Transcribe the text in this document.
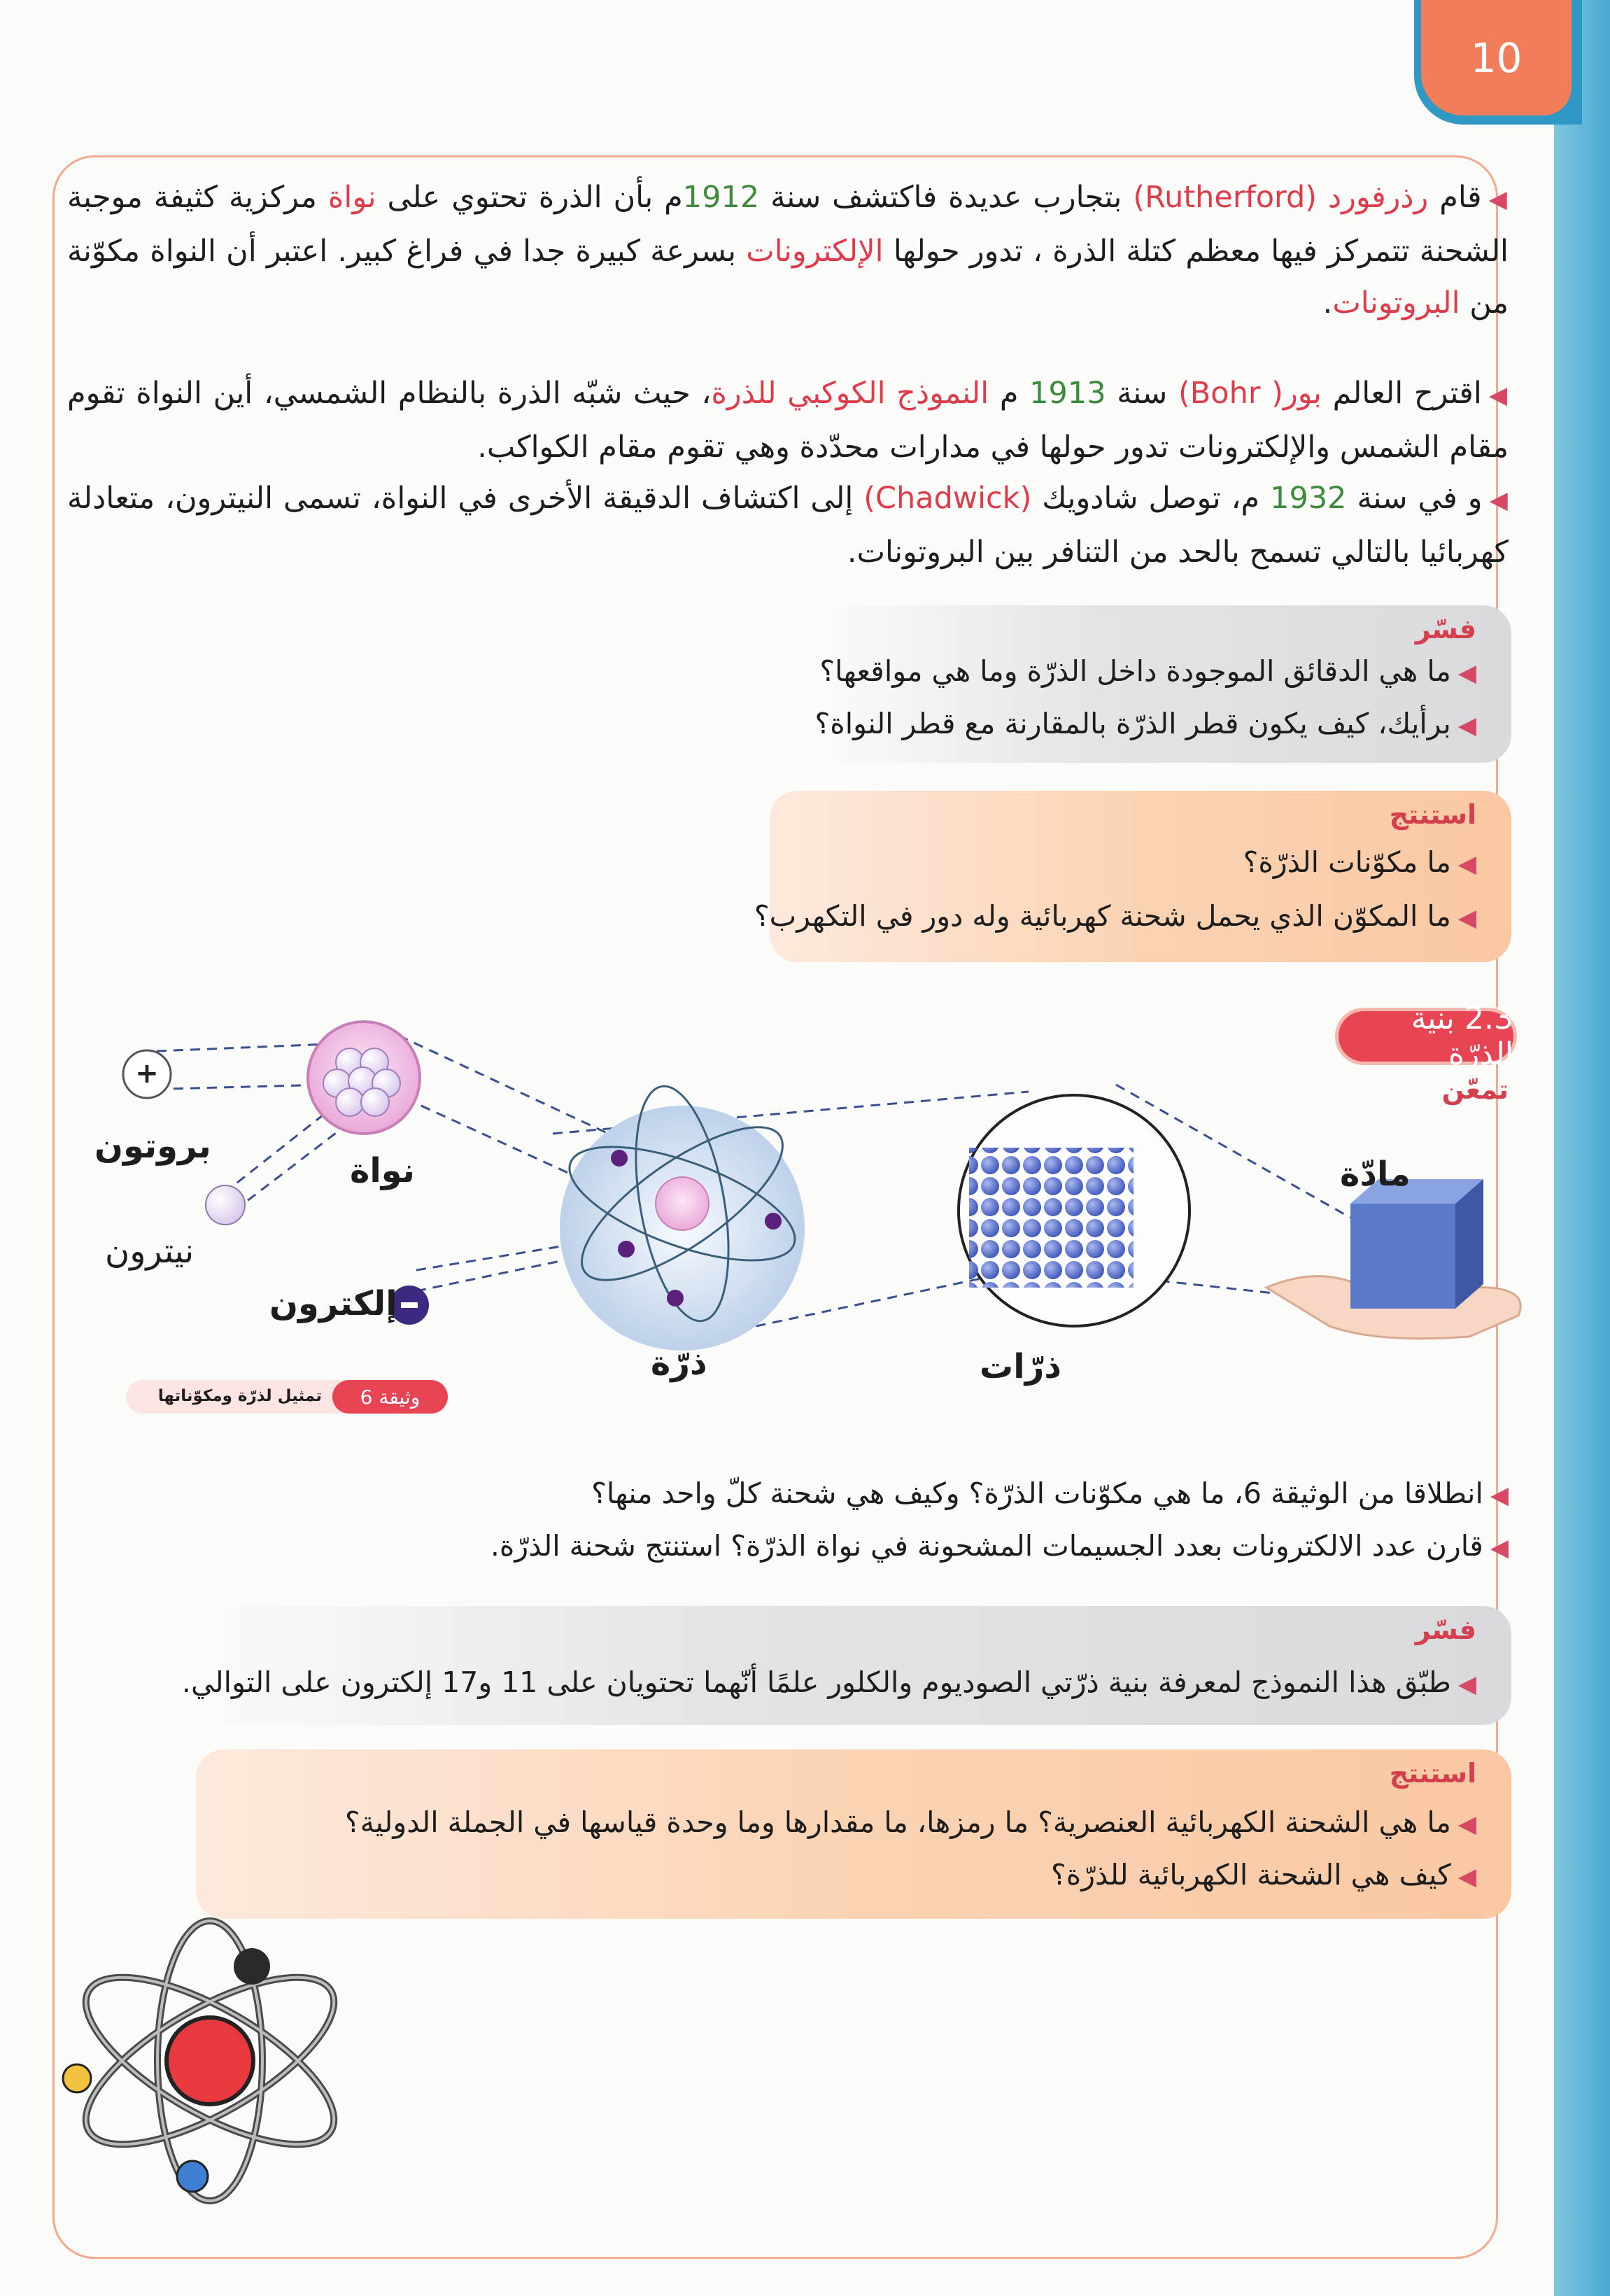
10
◀قام رذرفورد (Rutherford) بتجارب عديدة فاكتشف سنة 1912م بأن الذرة تحتوي على نواة مركزية كثيفة موجبة الشحنة تتمركز فيها معظم كتلة الذرة ، تدور حولها الإلكترونات بسرعة كبيرة جدا في فراغ كبير. اعتبر أن النواة مكوّنة من البروتونات.
◀اقترح العالم بور( Bohr) سنة 1913 م النموذج الكوكبي للذرة، حيث شبّه الذرة بالنظام الشمسي، أين النواة تقوم مقام الشمس والإلكترونات تدور حولها في مدارات محدّدة وهي تقوم مقام الكواكب.
◀و في سنة 1932 م، توصل شادويك (Chadwick) إلى اكتشاف الدقيقة الأخرى في النواة، تسمى النيترون، متعادلة كهربائيا بالتالي تسمح بالحد من التنافر بين البروتونات.
فسّر
◀ما هي الدقائق الموجودة داخل الذرّة وما هي مواقعها؟
◀برأيك، كيف يكون قطر الذرّة بالمقارنة مع قطر النواة؟
استنتج
◀ما مكوّنات الذرّة؟
◀ما المكوّن الذي يحمل شحنة كهربائية وله دور في التكهرب؟
2.3 بنية الذرّة
تمعّن
+
بروتون
نيترون
نواة
إلكترون
ذرّة	ذرّات
مادّة
وثيقة 6
تمثيل لذرّة ومكوّناتها
◀انطلاقا من الوثيقة 6، ما هي مكوّنات الذرّة؟ وكيف هي شحنة كلّ واحد منها؟
◀قارن عدد الالكترونات بعدد الجسيمات المشحونة في نواة الذرّة؟ استنتج شحنة الذرّة.
فسّر
◀طبّق هذا النموذج لمعرفة بنية ذرّتي الصوديوم والكلور علمًا أنّهما تحتويان على 11 و17 إلكترون على التوالي.
استنتج
◀ما هي الشحنة الكهربائية العنصرية؟ ما رمزها، ما مقدارها وما وحدة قياسها في الجملة الدولية؟
◀كيف هي الشحنة الكهربائية للذرّة؟
